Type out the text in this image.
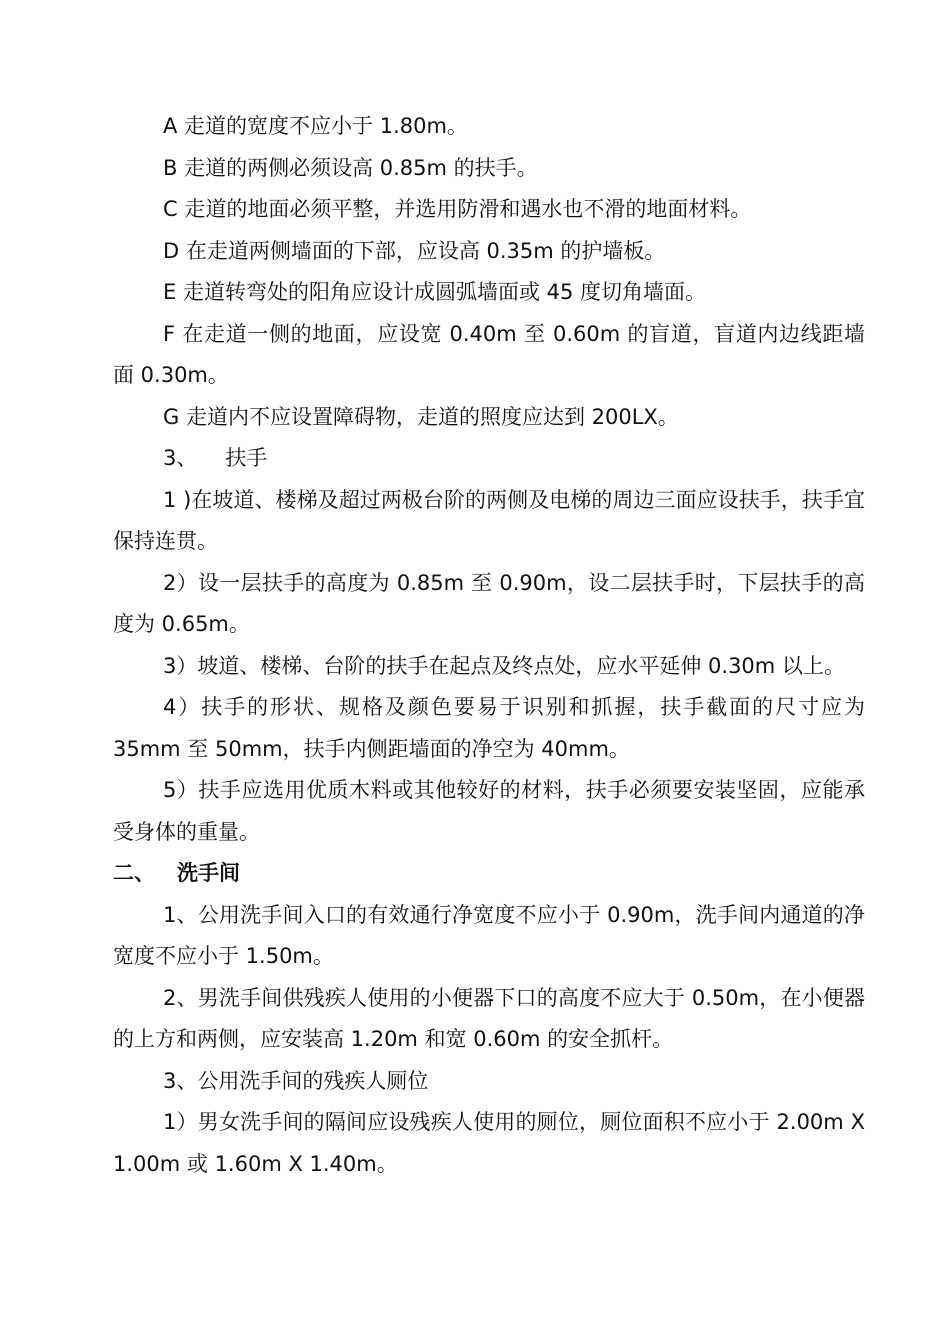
A 走道的宽度不应小于 1.80m。

B 走道的两侧必须设高 0.85m 的扶手。

C 走道的地面必须平整，并选用防滑和遇水也不滑的地面材料。

D 在走道两侧墙面的下部，应设高 0.35m 的护墙板。

E 走道转弯处的阳角应设计成圆弧墙面或 45 度切角墙面。

F 在走道一侧的地面，应设宽 0.40m 至 0.60m 的盲道，盲道内边线距墙面 0.30m。

G 走道内不应设置障碍物，走道的照度应达到 200LX。

3、 扶手

1 )在坡道、楼梯及超过两极台阶的两侧及电梯的周边三面应设扶手，扶手宜保持连贯。

2）设一层扶手的高度为 0.85m 至 0.90m，设二层扶手时，下层扶手的高度为 0.65m。

3）坡道、楼梯、台阶的扶手在起点及终点处，应水平延伸 0.30m 以上。

4）扶手的形状、规格及颜色要易于识别和抓握，扶手截面的尺寸应为 35mm 至 50mm，扶手内侧距墙面的净空为 40mm。

5）扶手应选用优质木料或其他较好的材料，扶手必须要安装坚固，应能承受身体的重量。

二、 洗手间

1、公用洗手间入口的有效通行净宽度不应小于 0.90m，洗手间内通道的净宽度不应小于 1.50m。

2、男洗手间供残疾人使用的小便器下口的高度不应大于 0.50m，在小便器的上方和两侧，应安装高 1.20m 和宽 0.60m 的安全抓杆。

3、公用洗手间的残疾人厕位

1）男女洗手间的隔间应设残疾人使用的厕位，厕位面积不应小于 2.00m X 1.00m 或 1.60m X 1.40m。
